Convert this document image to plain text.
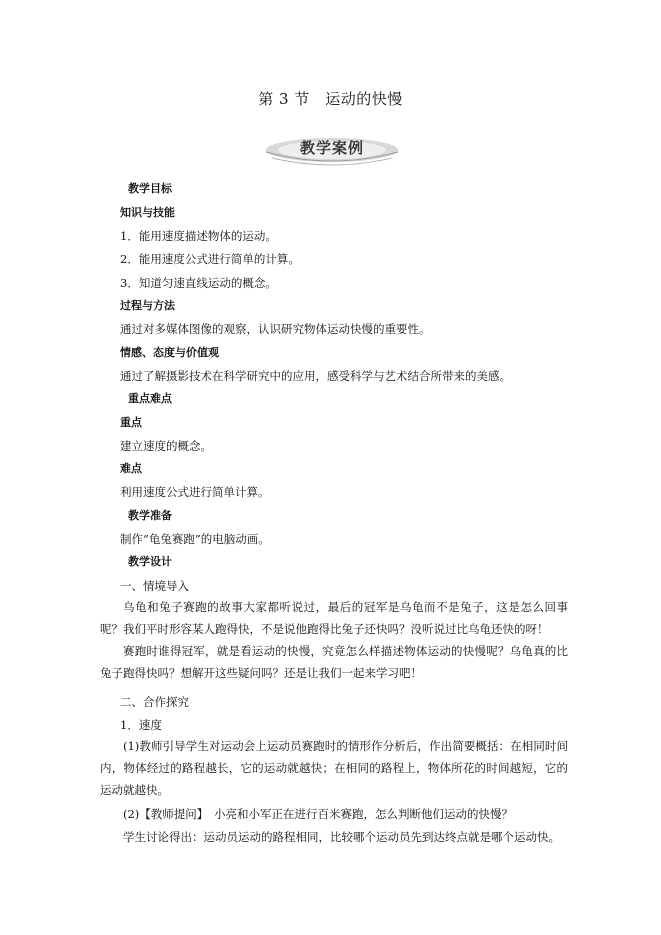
第 3 节　运动的快慢
教学案例
教学目标
知识与技能
1．能用速度描述物体的运动。
2．能用速度公式进行简单的计算。
3．知道匀速直线运动的概念。
过程与方法
通过对多媒体图像的观察，认识研究物体运动快慢的重要性。
情感、态度与价值观
通过了解摄影技术在科学研究中的应用，感受科学与艺术结合所带来的美感。
重点难点
重点
建立速度的概念。
难点
利用速度公式进行简单计算。
教学准备
制作“龟兔赛跑”的电脑动画。
教学设计
一、情境导入
乌龟和兔子赛跑的故事大家都听说过，最后的冠军是乌龟而不是兔子，这是怎么回事呢？我们平时形容某人跑得快，不是说他跑得比兔子还快吗？没听说过比乌龟还快的呀！
赛跑时谁得冠军，就是看运动的快慢，究竟怎么样描述物体运动的快慢呢？乌龟真的比兔子跑得快吗？想解开这些疑问吗？还是让我们一起来学习吧！
二、合作探究
1．速度
(1)教师引导学生对运动会上运动员赛跑时的情形作分析后，作出简要概括：在相同时间内，物体经过的路程越长，它的运动就越快；在相同的路程上，物体所花的时间越短，它的运动就越快。
(2)【教师提问】　小亮和小军正在进行百米赛跑，怎么判断他们运动的快慢？
学生讨论得出：运动员运动的路程相同，比较哪个运动员先到达终点就是哪个运动快。
